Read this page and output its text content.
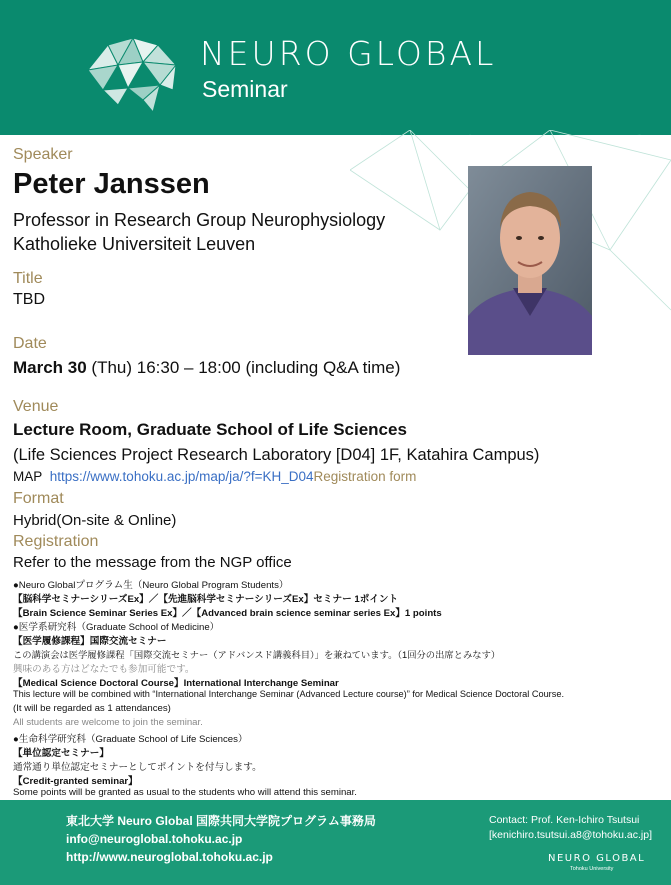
NEURO GLOBAL
Seminar
Speaker
Peter Janssen
Professor in Research Group Neurophysiology
Katholieke Universiteit Leuven
Title
TBD
Date
March 30 (Thu) 16:30 – 18:00 (including Q&A time)
Venue
Lecture Room, Graduate School of Life Sciences
(Life Sciences Project Research Laboratory [D04] 1F, Katahira Campus)
MAP https://www.tohoku.ac.jp/map/ja/?f=KH_D04Registration form
Format
Hybrid(On-site & Online)
Registration
Refer to the message from the NGP office
●Neuro Globalプログラム生（Neuro Global Program Students）
【脳科学セミナーシリーズEx】／【先進脳科学セミナーシリーズEx】セミナー 1ポイント
【Brain Science Seminar Series Ex】／【Advanced brain science seminar series Ex】1 points
●医学系研究科（Graduate School of Medicine）
【医学履修課程】国際交流セミナー
この講演会は医学履修課程「国際交流セミナー（アドバンスド講義科目）」を兼ねています。（1回分の出席とみなす）
興味のある方はどなたでも参加可能です。
【Medical Science Doctoral Course】International Interchange Seminar
This lecture will be combined with “International Interchange Seminar (Advanced Lecture course)” for Medical Science Doctoral Course.
(It will be regarded as 1 attendances)
All students are welcome to join the seminar.
●生命科学研究科（Graduate School of Life Sciences）
【単位認定セミナー】
通常通り単位認定セミナーとしてポイントを付与します。
【Credit-granted seminar】
Some points will be granted as usual to the students who will attend this seminar.
東北大学 Neuro Global 国際共同大学院プログラム事務局
info@neuroglobal.tohoku.ac.jp
http://www.neuroglobal.tohoku.ac.jp
Contact: Prof. Ken-Ichiro Tsutsui
[kenichiro.tsutsui.a8@tohoku.ac.jp]
NEURO GLOBAL
Tohoku University
